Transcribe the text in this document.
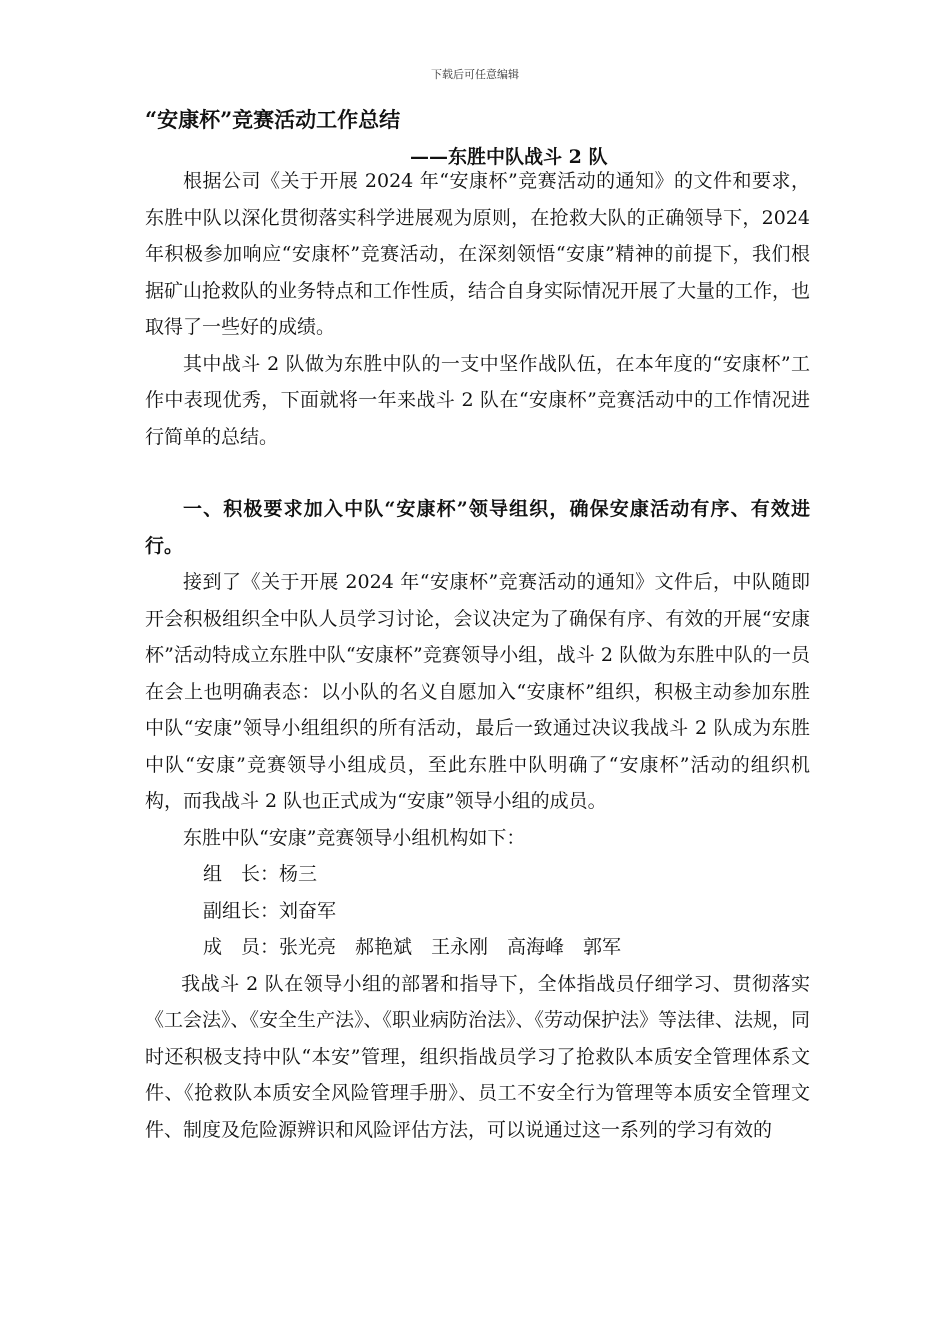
下载后可任意编辑
“安康杯”竞赛活动工作总结
——东胜中队战斗 2 队

根据公司《关于开展 2024 年“安康杯”竞赛活动的通知》的文件和要求，东胜中队以深化贯彻落实科学进展观为原则，在抢救大队的正确领导下，2024 年积极参加响应“安康杯”竞赛活动，在深刻领悟“安康”精神的前提下，我们根据矿山抢救队的业务特点和工作性质，结合自身实际情况开展了大量的工作，也取得了一些好的成绩。

其中战斗 2 队做为东胜中队的一支中坚作战队伍，在本年度的“安康杯”工作中表现优秀，下面就将一年来战斗 2 队在“安康杯”竞赛活动中的工作情况进行简单的总结。

一、积极要求加入中队“安康杯”领导组织，确保安康活动有序、有效进行。

接到了《关于开展 2024 年“安康杯”竞赛活动的通知》文件后，中队随即开会积极组织全中队人员学习讨论，会议决定为了确保有序、有效的开展“安康杯”活动特成立东胜中队“安康杯”竞赛领导小组，战斗 2 队做为东胜中队的一员在会上也明确表态：以小队的名义自愿加入“安康杯”组织，积极主动参加东胜中队“安康”领导小组组织的所有活动，最后一致通过决议我战斗 2 队成为东胜中队“安康”竞赛领导小组成员，至此东胜中队明确了“安康杯”活动的组织机构，而我战斗 2 队也正式成为“安康”领导小组的成员。

东胜中队“安康”竞赛领导小组机构如下：

组　长：杨三

副组长：刘奋军

成　员：张光亮　郝艳斌　王永刚　高海峰　郭军

我战斗 2 队在领导小组的部署和指导下，全体指战员仔细学习、贯彻落实《工会法》、《安全生产法》、《职业病防治法》、《劳动保护法》等法律、法规，同时还积极支持中队“本安”管理，组织指战员学习了抢救队本质安全管理体系文件、《抢救队本质安全风险管理手册》、员工不安全行为管理等本质安全管理文件、制度及危险源辨识和风险评估方法，可以说通过这一系列的学习有效的
